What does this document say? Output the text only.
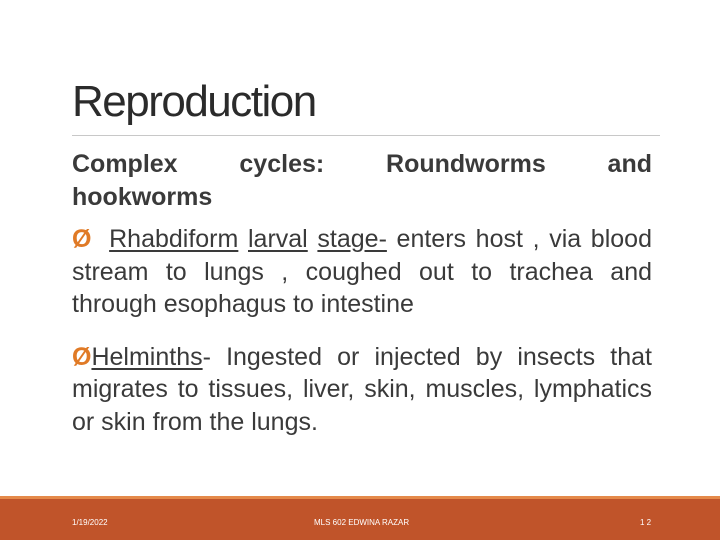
Reproduction
Complex cycles: Roundworms and
hookworms

Ø Rhabdiform larval stage- enters host , via blood stream to lungs , coughed out to trachea and through esophagus to intestine

ØHelminths- Ingested or injected by insects that migrates to tissues, liver, skin, muscles, lymphatics or skin from the lungs.

1/19/2022	MLS 602 EDWINA RAZAR	1 2
